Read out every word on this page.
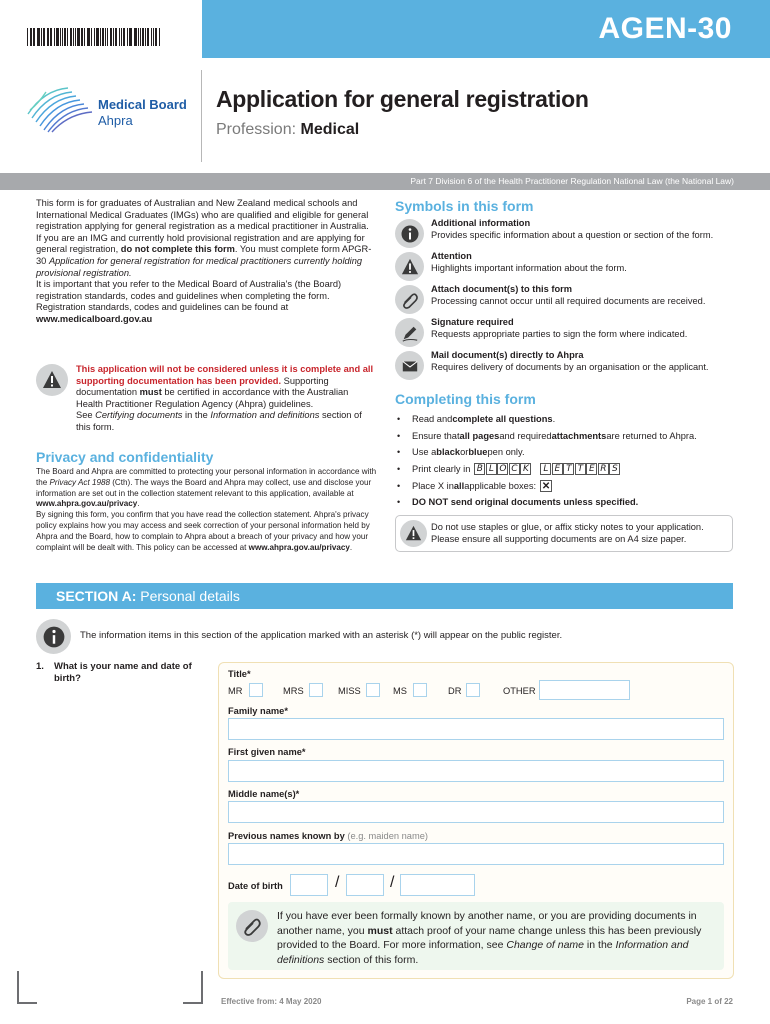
AGEN-30
Medical Board
Ahpra
Application for general registration
Profession: Medical
Part 7 Division 6 of the Health Practitioner Regulation National Law (the National Law)

This form is for graduates of Australian and New Zealand medical schools and International Medical Graduates (IMGs) who are qualified and eligible for general registration applying for general registration as a medical practitioner in Australia.

If you are an IMG and currently hold provisional registration and are applying for general registration, do not complete this form. You must complete form APGR-30 Application for general registration for medical practitioners currently holding provisional registration.

It is important that you refer to the Medical Board of Australia's (the Board) registration standards, codes and guidelines when completing the form. Registration standards, codes and guidelines can be found at
www.medicalboard.gov.au

This application will not be considered unless it is complete and all supporting documentation has been provided. Supporting documentation must be certified in accordance with the Australian Health Practitioner Regulation Agency (Ahpra) guidelines.
See Certifying documents in the Information and definitions section of this form.
Privacy and confidentiality
The Board and Ahpra are committed to protecting your personal information in accordance with the Privacy Act 1988 (Cth). The ways the Board and Ahpra may collect, use and disclose your information are set out in the collection statement relevant to this application, available at www.ahpra.gov.au/privacy.
By signing this form, you confirm that you have read the collection statement. Ahpra's privacy policy explains how you may access and seek correction of your personal information held by Ahpra and the Board, how to complain to Ahpra about a breach of your privacy and how your complaint will be dealt with. This policy can be accessed at www.ahpra.gov.au/privacy.
Symbols in this form
Additional information
Provides specific information about a question or section of the form.
Attention
Highlights important information about the form.
Attach document(s) to this form
Processing cannot occur until all required documents are received.
Signature required
Requests appropriate parties to sign the form where indicated.
Mail document(s) directly to Ahpra
Requires delivery of documents by an organisation or the applicant.
Completing this form
•	Read and complete all questions .
•	Ensure that all pages and required attachments are returned to Ahpra.
•	Use a black or blue pen only.
•	Print clearly in B L O C K	L E T T E R S
•	Place X in all applicable boxes: ✕
•	DO NOT send original documents unless specified.
Do not use staples or glue, or affix sticky notes to your application. Please ensure all supporting documents are on A4 size paper.
SECTION A: Personal details
The information items in this section of the application marked with an asterisk (*) will appear on the public register.
1. What is your name and date of birth?	Title*
MR	MRS	MISS	MS	DR	OTHER
Family name*
First given name*
Middle name(s)*
Previous names known by (e.g. maiden name)
Date of birth	/	/
If you have ever been formally known by another name, or you are providing documents in another name, you must attach proof of your name change unless this has been previously provided to the Board. For more information, see Change of name in the Information and definitions section of this form.
Effective from: 4 May 2020	Page 1 of 22
